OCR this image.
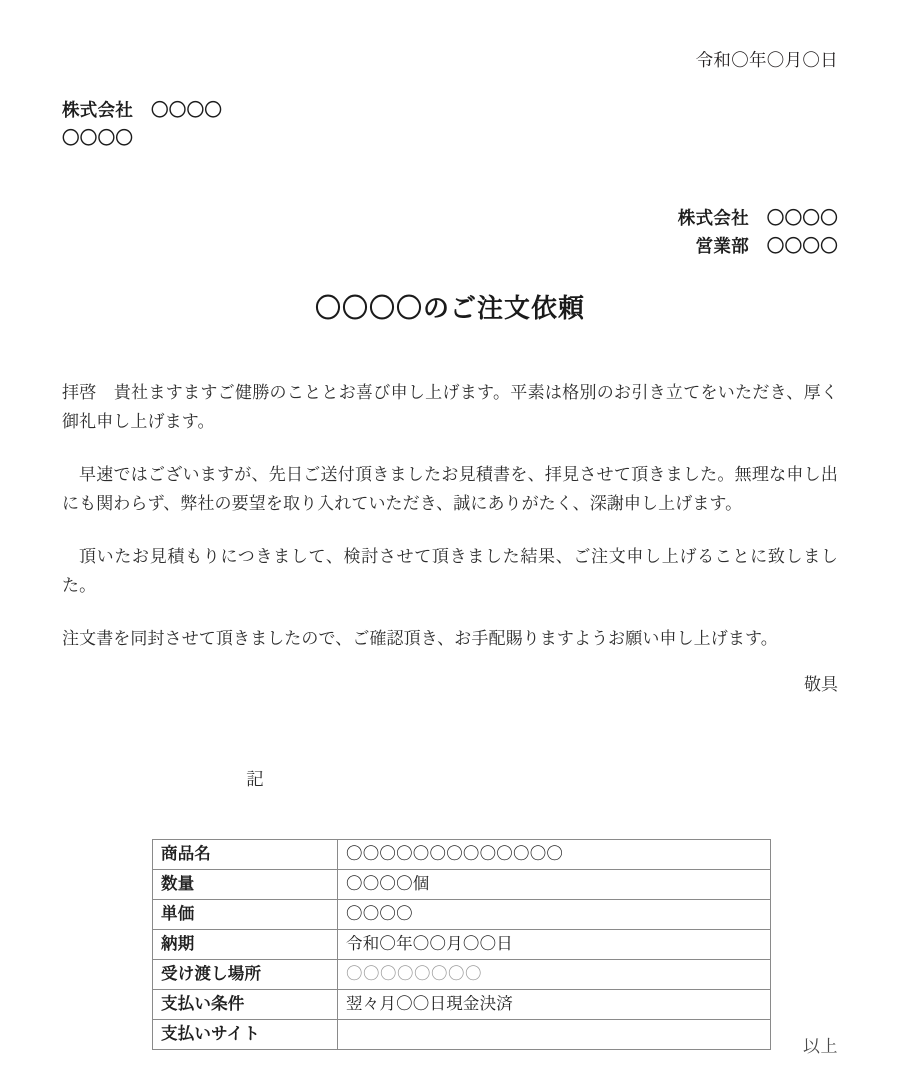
令和〇年〇月〇日
株式会社　〇〇〇〇
〇〇〇〇
株式会社　〇〇〇〇
営業部　〇〇〇〇
〇〇〇〇のご注文依頼

拝啓　貴社ますますご健勝のこととお喜び申し上げます。平素は格別のお引き立てをいただき、厚く御礼申し上げます。

早速ではございますが、先日ご送付頂きましたお見積書を、拝見させて頂きました。無理な申し出にも関わらず、弊社の要望を取り入れていただき、誠にありがたく、深謝申し上げます。

頂いたお見積もりにつきまして、検討させて頂きました結果、ご注文申し上げることに致しました。

注文書を同封させて頂きましたので、ご確認頂き、お手配賜りますようお願い申し上げます。

敬具
記
商品名	〇〇〇〇〇〇〇〇〇〇〇〇〇
数量	〇〇〇〇個
単価	〇〇〇〇
納期	令和〇年〇〇月〇〇日
受け渡し場所	〇〇〇〇〇〇〇〇
支払い条件	翌々月〇〇日現金決済
支払いサイト	
以上
